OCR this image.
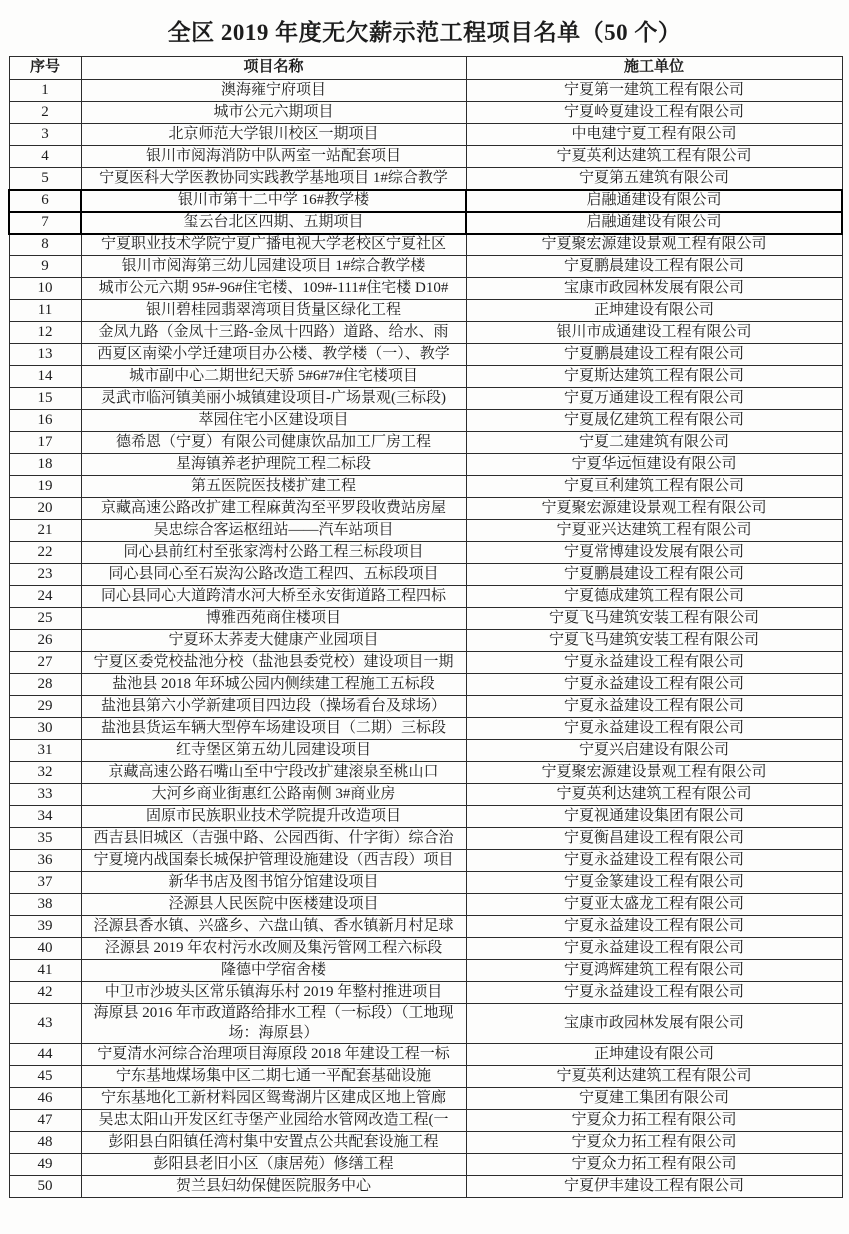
全区 2019 年度无欠薪示范工程项目名单（50 个）
序号	项目名称	施工单位
1	澳海雍宁府项目	宁夏第一建筑工程有限公司
2	城市公元六期项目	宁夏岭夏建设工程有限公司
3	北京师范大学银川校区一期项目	中电建宁夏工程有限公司
4	银川市阅海消防中队两室一站配套项目	宁夏英利达建筑工程有限公司
5	宁夏医科大学医教协同实践教学基地项目 1#综合教学	宁夏第五建筑有限公司
6	银川市第十二中学 16#教学楼	启融通建设有限公司
7	玺云台北区四期、五期项目	启融通建设有限公司
8	宁夏职业技术学院宁夏广播电视大学老校区宁夏社区	宁夏聚宏源建设景观工程有限公司
9	银川市阅海第三幼儿园建设项目 1#综合教学楼	宁夏鹏晨建设工程有限公司
10	城市公元六期 95#-96#住宅楼、109#-111#住宅楼 D10#	宝康市政园林发展有限公司
11	银川碧桂园翡翠湾项目货量区绿化工程	正坤建设有限公司
12	金凤九路（金凤十三路-金凤十四路）道路、给水、雨	银川市成通建设工程有限公司
13	西夏区南梁小学迁建项目办公楼、教学楼（一）、教学	宁夏鹏晨建设工程有限公司
14	城市副中心二期世纪天骄 5#6#7#住宅楼项目	宁夏斯达建筑工程有限公司
15	灵武市临河镇美丽小城镇建设项目-广场景观(三标段)	宁夏万通建设工程有限公司
16	萃园住宅小区建设项目	宁夏晟亿建筑工程有限公司
17	德希恩（宁夏）有限公司健康饮品加工厂房工程	宁夏二建建筑有限公司
18	星海镇养老护理院工程二标段	宁夏华远恒建设有限公司
19	第五医院医技楼扩建工程	宁夏亘利建筑工程有限公司
20	京藏高速公路改扩建工程麻黄沟至平罗段收费站房屋	宁夏聚宏源建设景观工程有限公司
21	吴忠综合客运枢纽站——汽车站项目	宁夏亚兴达建筑工程有限公司
22	同心县前红村至张家湾村公路工程三标段项目	宁夏常博建设发展有限公司
23	同心县同心至石炭沟公路改造工程四、五标段项目	宁夏鹏晨建设工程有限公司
24	同心县同心大道跨清水河大桥至永安街道路工程四标	宁夏德成建筑工程有限公司
25	博雅西苑商住楼项目	宁夏飞马建筑安装工程有限公司
26	宁夏环太荞麦大健康产业园项目	宁夏飞马建筑安装工程有限公司
27	宁夏区委党校盐池分校（盐池县委党校）建设项目一期	宁夏永益建设工程有限公司
28	盐池县 2018 年环城公园内侧续建工程施工五标段	宁夏永益建设工程有限公司
29	盐池县第六小学新建项目四边段（操场看台及球场）	宁夏永益建设工程有限公司
30	盐池县货运车辆大型停车场建设项目（二期）三标段	宁夏永益建设工程有限公司
31	红寺堡区第五幼儿园建设项目	宁夏兴启建设有限公司
32	京藏高速公路石嘴山至中宁段改扩建滚泉至桃山口	宁夏聚宏源建设景观工程有限公司
33	大河乡商业街惠红公路南侧 3#商业房	宁夏英利达建筑工程有限公司
34	固原市民族职业技术学院提升改造项目	宁夏视通建设集团有限公司
35	西吉县旧城区（吉强中路、公园西街、什字街）综合治	宁夏衡昌建设工程有限公司
36	宁夏境内战国秦长城保护管理设施建设（西吉段）项目	宁夏永益建设工程有限公司
37	新华书店及图书馆分馆建设项目	宁夏金篆建设工程有限公司
38	泾源县人民医院中医楼建设项目	宁夏亚太盛龙工程有限公司
39	泾源县香水镇、兴盛乡、六盘山镇、香水镇新月村足球	宁夏永益建设工程有限公司
40	泾源县 2019 年农村污水改厕及集污管网工程六标段	宁夏永益建设工程有限公司
41	隆德中学宿舍楼	宁夏鸿辉建筑工程有限公司
42	中卫市沙坡头区常乐镇海乐村 2019 年整村推进项目	宁夏永益建设工程有限公司
43	海原县 2016 年市政道路给排水工程（一标段）（工地现场：海原县）	宝康市政园林发展有限公司
44	宁夏清水河综合治理项目海原段 2018 年建设工程一标	正坤建设有限公司
45	宁东基地煤场集中区二期七通一平配套基础设施	宁夏英利达建筑工程有限公司
46	宁东基地化工新材料园区鸳鸯湖片区建成区地上管廊	宁夏建工集团有限公司
47	吴忠太阳山开发区红寺堡产业园给水管网改造工程(一	宁夏众力拓工程有限公司
48	彭阳县白阳镇任湾村集中安置点公共配套设施工程	宁夏众力拓工程有限公司
49	彭阳县老旧小区（康居苑）修缮工程	宁夏众力拓工程有限公司
50	贺兰县妇幼保健医院服务中心	宁夏伊丰建设工程有限公司
